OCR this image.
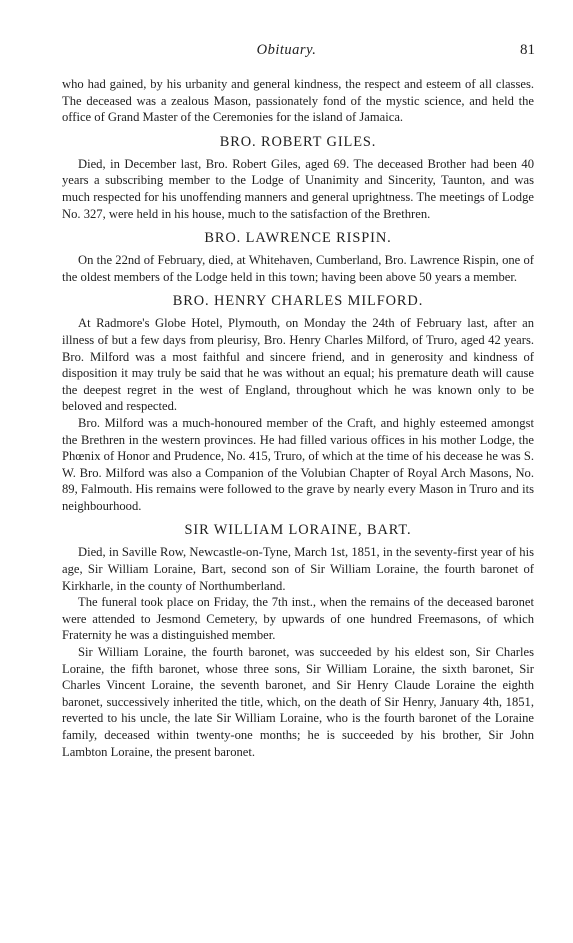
Obituary.	81

who had gained, by his urbanity and general kindness, the respect and esteem of all classes. The deceased was a zealous Mason, passionately fond of the mystic science, and held the office of Grand Master of the Ceremonies for the island of Jamaica.

BRO. ROBERT GILES.

Died, in December last, Bro. Robert Giles, aged 69. The deceased Brother had been 40 years a subscribing member to the Lodge of Unanimity and Sincerity, Taunton, and was much respected for his unoffending manners and general uprightness. The meetings of Lodge No. 327, were held in his house, much to the satisfaction of the Brethren.

BRO. LAWRENCE RISPIN.

On the 22nd of February, died, at Whitehaven, Cumberland, Bro. Lawrence Rispin, one of the oldest members of the Lodge held in this town; having been above 50 years a member.

BRO. HENRY CHARLES MILFORD.

At Radmore's Globe Hotel, Plymouth, on Monday the 24th of February last, after an illness of but a few days from pleurisy, Bro. Henry Charles Milford, of Truro, aged 42 years. Bro. Milford was a most faithful and sincere friend, and in generosity and kindness of disposition it may truly be said that he was without an equal; his premature death will cause the deepest regret in the west of England, throughout which he was known only to be beloved and respected.

Bro. Milford was a much-honoured member of the Craft, and highly esteemed amongst the Brethren in the western provinces. He had filled various offices in his mother Lodge, the Phœnix of Honor and Prudence, No. 415, Truro, of which at the time of his decease he was S. W. Bro. Milford was also a Companion of the Volubian Chapter of Royal Arch Masons, No. 89, Falmouth. His remains were followed to the grave by nearly every Mason in Truro and its neighbourhood.

SIR WILLIAM LORAINE, BART.

Died, in Saville Row, Newcastle-on-Tyne, March 1st, 1851, in the seventy-first year of his age, Sir William Loraine, Bart, second son of Sir William Loraine, the fourth baronet of Kirkharle, in the county of Northumberland.

The funeral took place on Friday, the 7th inst., when the remains of the deceased baronet were attended to Jesmond Cemetery, by upwards of one hundred Freemasons, of which Fraternity he was a distinguished member.

Sir William Loraine, the fourth baronet, was succeeded by his eldest son, Sir Charles Loraine, the fifth baronet, whose three sons, Sir William Loraine, the sixth baronet, Sir Charles Vincent Loraine, the seventh baronet, and Sir Henry Claude Loraine the eighth baronet, successively inherited the title, which, on the death of Sir Henry, January 4th, 1851, reverted to his uncle, the late Sir William Loraine, who is the fourth baronet of the Loraine family, deceased within twenty-one months; he is succeeded by his brother, Sir John Lambton Loraine, the present baronet.
